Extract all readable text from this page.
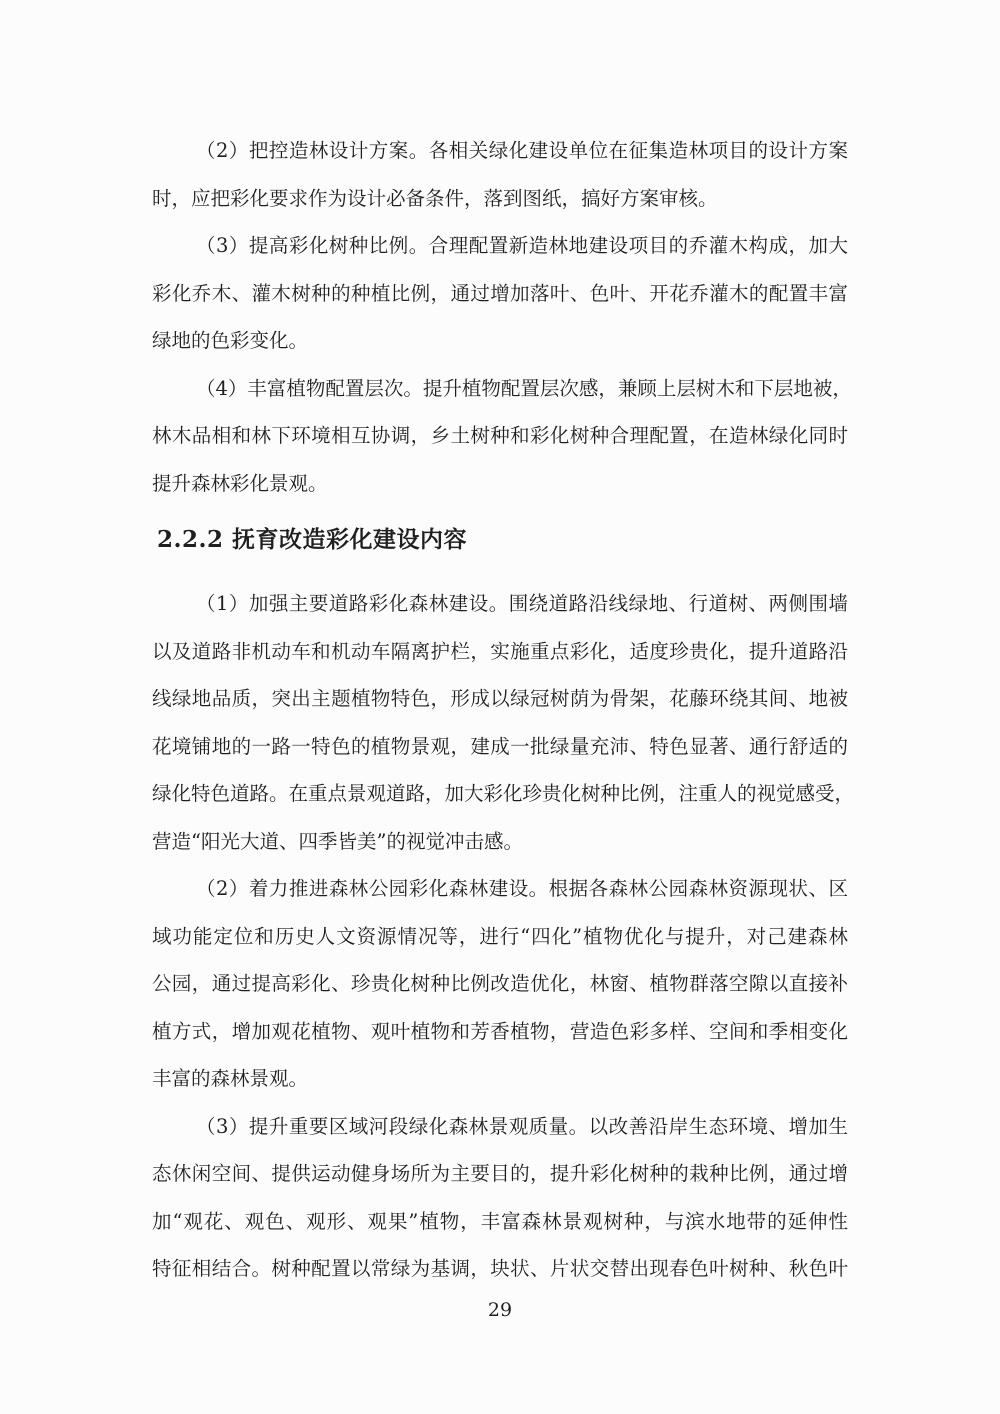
（2）把控造林设计方案。各相关绿化建设单位在征集造林项目的设计方案
时，应把彩化要求作为设计必备条件，落到图纸，搞好方案审核。
（3）提高彩化树种比例。合理配置新造林地建设项目的乔灌木构成，加大
彩化乔木、灌木树种的种植比例，通过增加落叶、色叶、开花乔灌木的配置丰富
绿地的色彩变化。
（4）丰富植物配置层次。提升植物配置层次感，兼顾上层树木和下层地被，
林木品相和林下环境相互协调，乡土树种和彩化树种合理配置，在造林绿化同时
提升森林彩化景观。
2.2.2 抚育改造彩化建设内容
（1）加强主要道路彩化森林建设。围绕道路沿线绿地、行道树、两侧围墙
以及道路非机动车和机动车隔离护栏，实施重点彩化，适度珍贵化，提升道路沿
线绿地品质，突出主题植物特色，形成以绿冠树荫为骨架，花藤环绕其间、地被
花境铺地的一路一特色的植物景观，建成一批绿量充沛、特色显著、通行舒适的
绿化特色道路。在重点景观道路，加大彩化珍贵化树种比例，注重人的视觉感受，
营造“阳光大道、四季皆美”的视觉冲击感。
（2）着力推进森林公园彩化森林建设。根据各森林公园森林资源现状、区
域功能定位和历史人文资源情况等，进行“四化”植物优化与提升，对己建森林
公园，通过提高彩化、珍贵化树种比例改造优化，林窗、植物群落空隙以直接补
植方式，增加观花植物、观叶植物和芳香植物，营造色彩多样、空间和季相变化
丰富的森林景观。
（3）提升重要区域河段绿化森林景观质量。以改善沿岸生态环境、增加生
态休闲空间、提供运动健身场所为主要目的，提升彩化树种的栽种比例，通过增
加“观花、观色、观形、观果”植物，丰富森林景观树种，与滨水地带的延伸性
特征相结合。树种配置以常绿为基调，块状、片状交替出现春色叶树种、秋色叶
29
